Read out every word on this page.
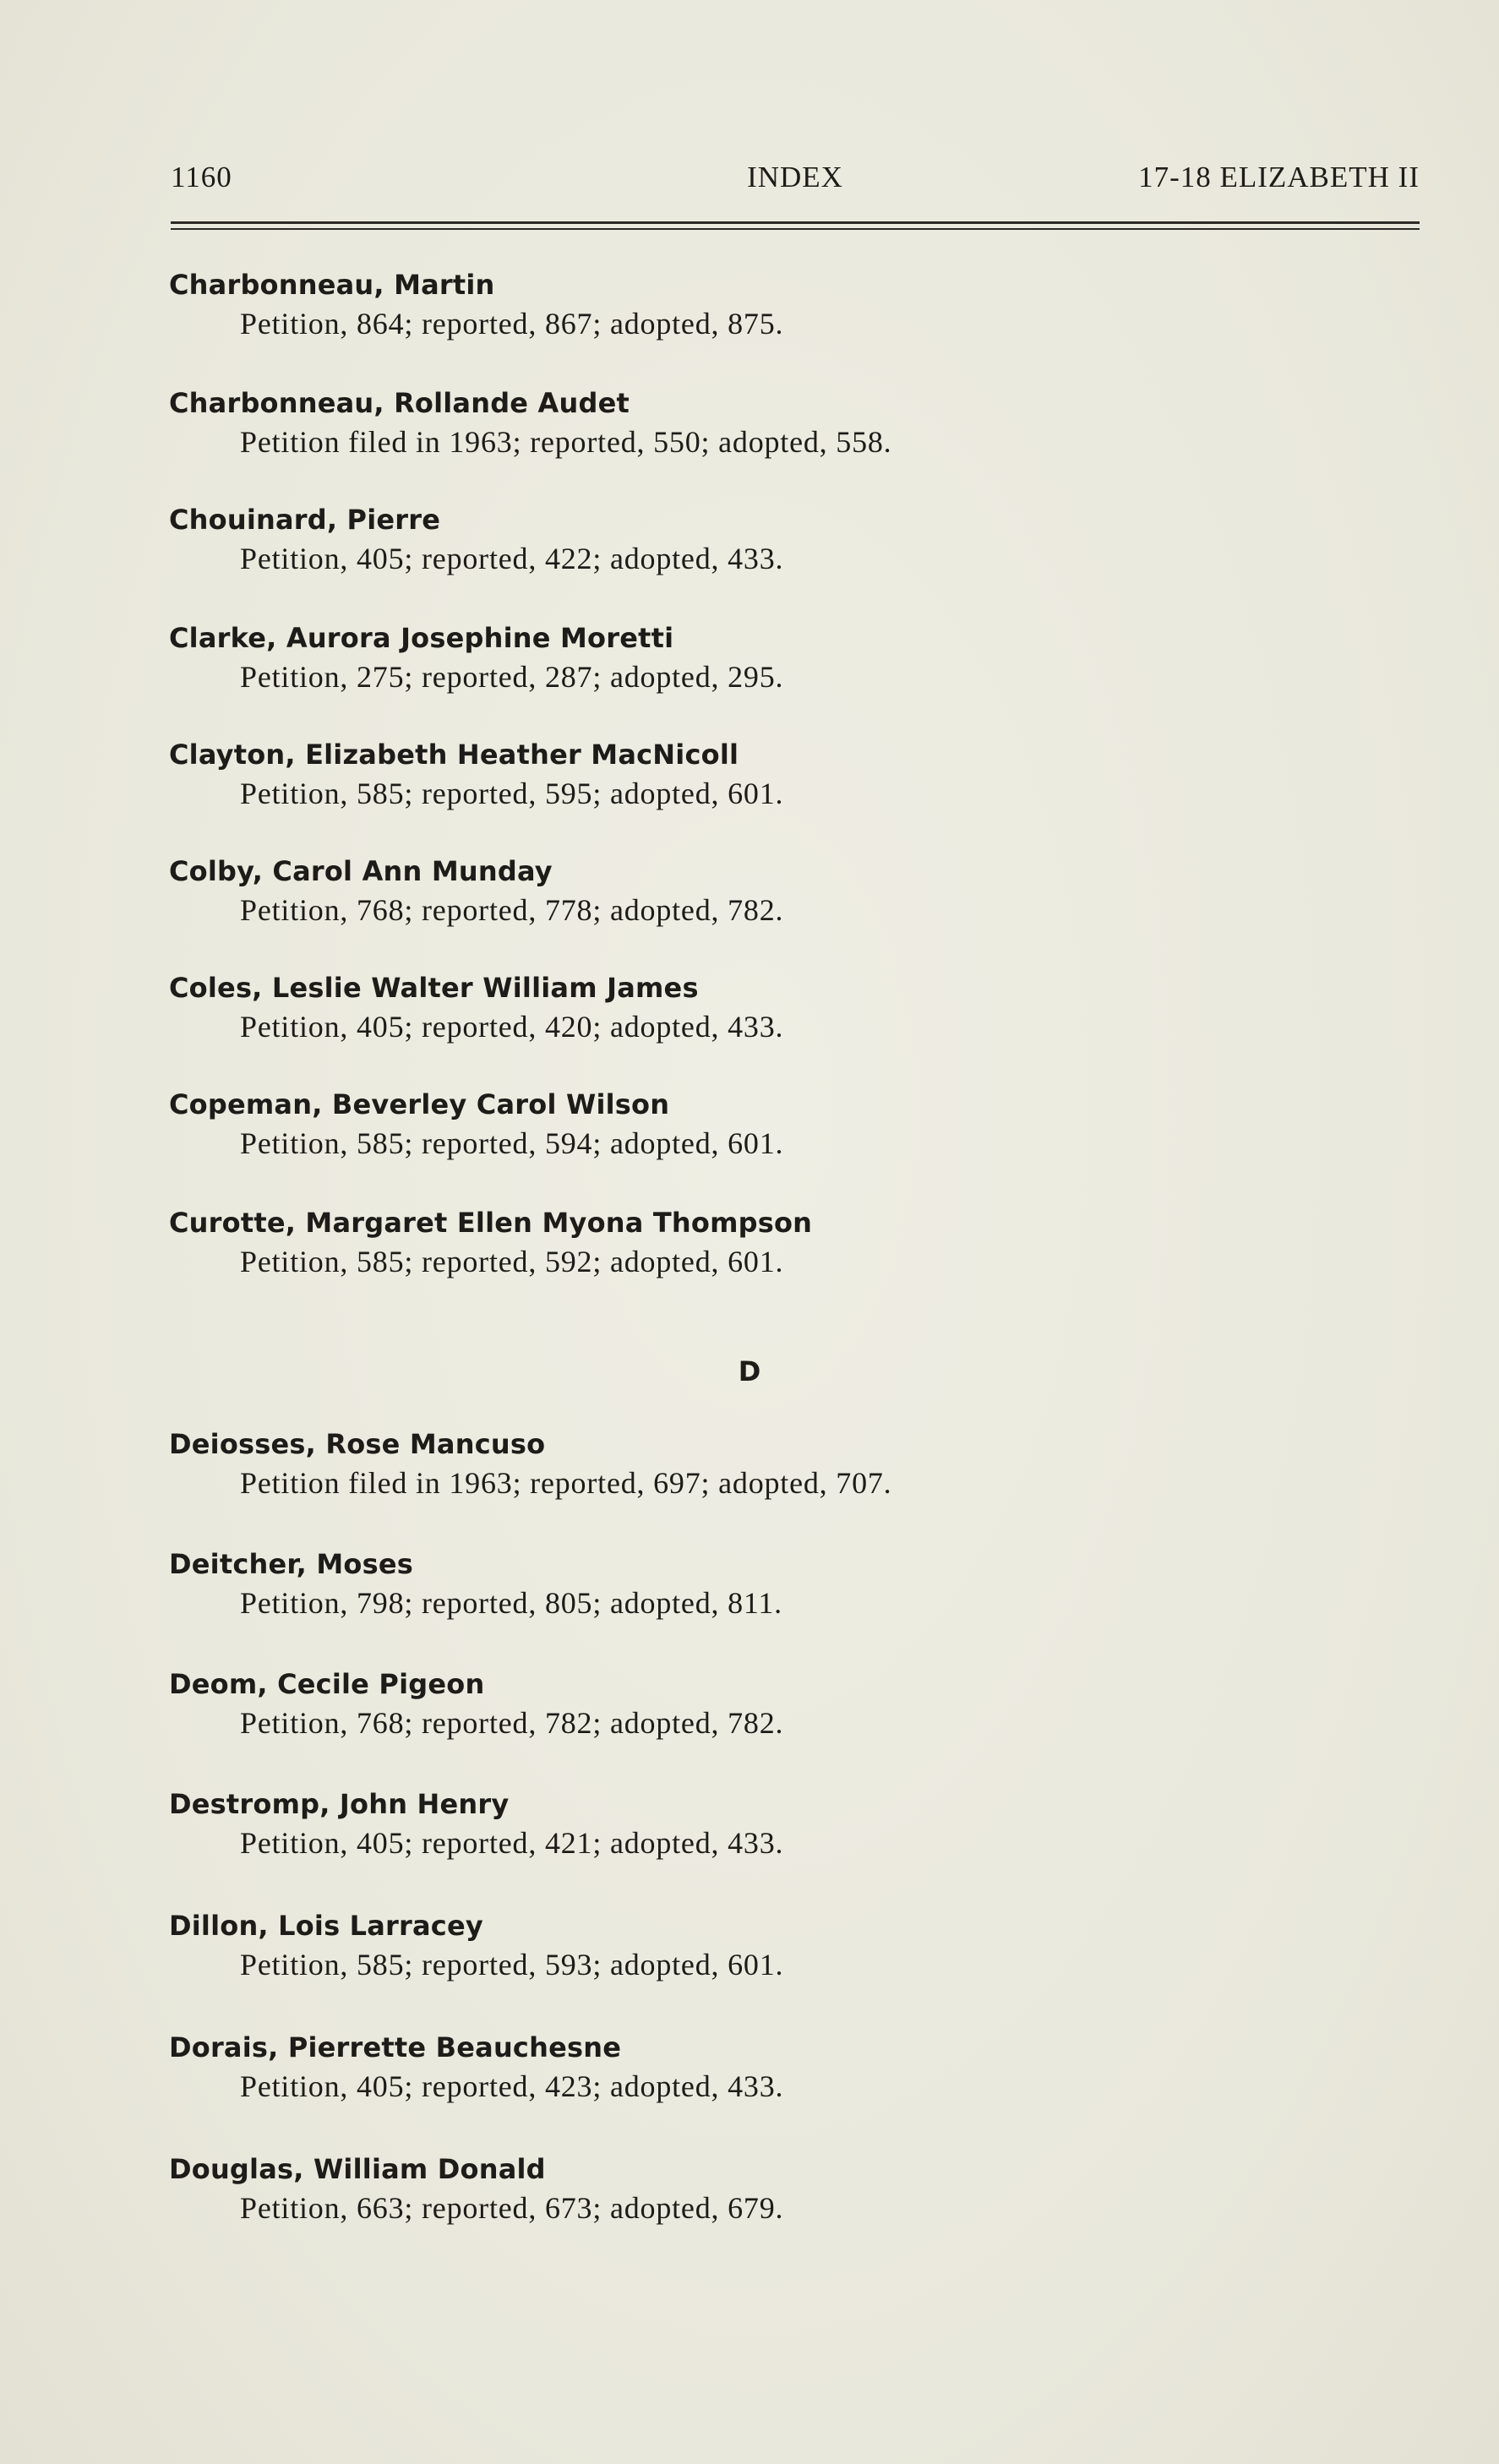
1160	INDEX	17-18 ELIZABETH II
Charbonneau, Martin
Petition, 864; reported, 867; adopted, 875.
Charbonneau, Rollande Audet
Petition filed in 1963; reported, 550; adopted, 558.
Chouinard, Pierre
Petition, 405; reported, 422; adopted, 433.
Clarke, Aurora Josephine Moretti
Petition, 275; reported, 287; adopted, 295.
Clayton, Elizabeth Heather MacNicoll
Petition, 585; reported, 595; adopted, 601.
Colby, Carol Ann Munday
Petition, 768; reported, 778; adopted, 782.
Coles, Leslie Walter William James
Petition, 405; reported, 420; adopted, 433.
Copeman, Beverley Carol Wilson
Petition, 585; reported, 594; adopted, 601.
Curotte, Margaret Ellen Myona Thompson
Petition, 585; reported, 592; adopted, 601.
Deiosses, Rose Mancuso
Petition filed in 1963; reported, 697; adopted, 707.
Deitcher, Moses
Petition, 798; reported, 805; adopted, 811.
Deom, Cecile Pigeon
Petition, 768; reported, 782; adopted, 782.
Destromp, John Henry
Petition, 405; reported, 421; adopted, 433.
Dillon, Lois Larracey
Petition, 585; reported, 593; adopted, 601.
Dorais, Pierrette Beauchesne
Petition, 405; reported, 423; adopted, 433.
Douglas, William Donald
Petition, 663; reported, 673; adopted, 679.
D
